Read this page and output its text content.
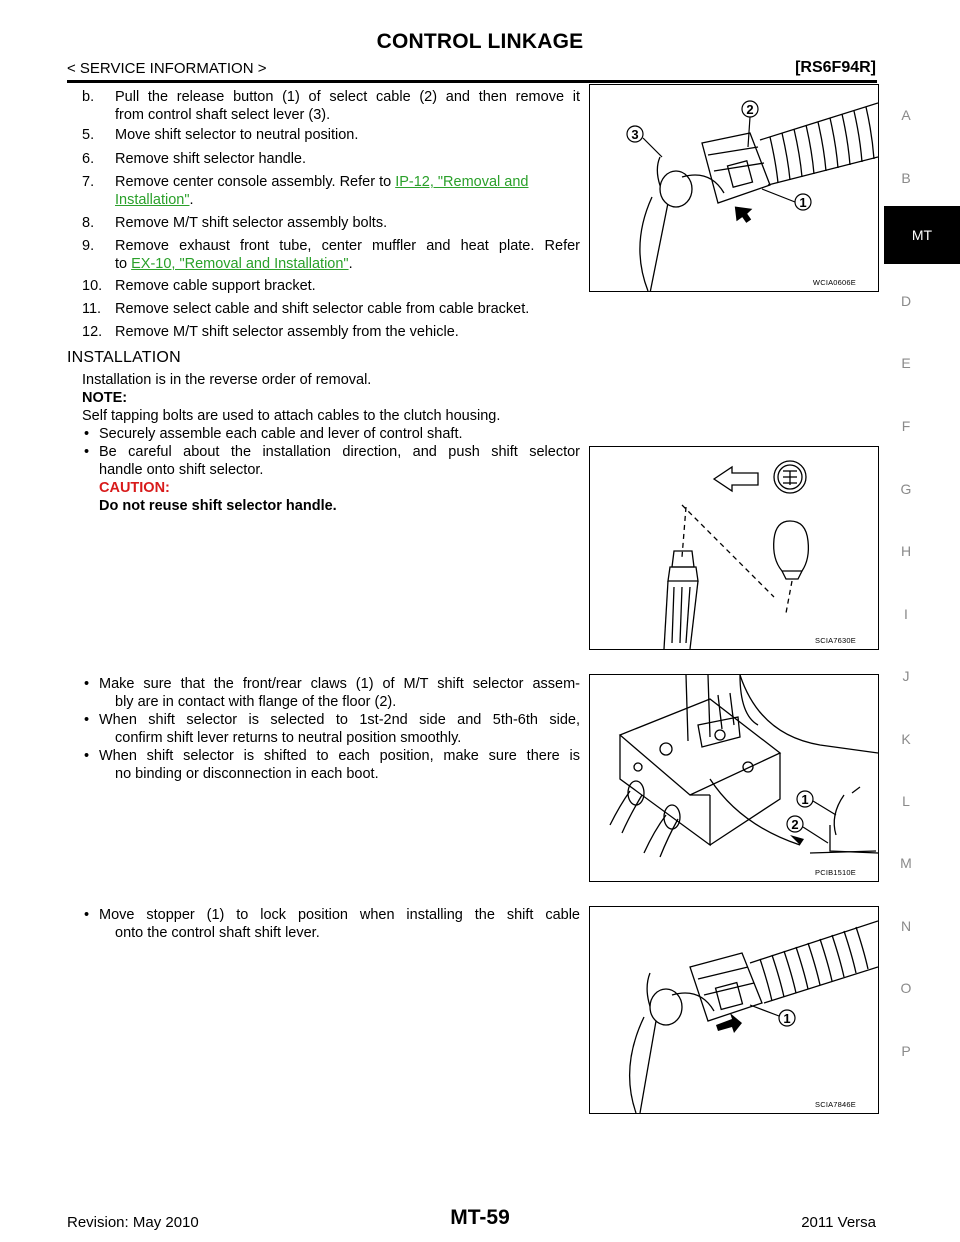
CONTROL LINKAGE
< SERVICE INFORMATION >	[RS6F94R]
A
B
MT
D
E
F
G
H
I
J
K
L
M
N
O
P
b. Pull the release button (1) of select cable (2) and then remove it
from control shaft select lever (3).
5. Move shift selector to neutral position.
6. Remove shift selector handle.
7. Remove center console assembly. Refer to IP-12, "Removal and
Installation".
8. Remove M/T shift selector assembly bolts.
9. Remove exhaust front tube, center muffler and heat plate. Refer
to EX-10, "Removal and Installation".
10. Remove cable support bracket.
11. Remove select cable and shift selector cable from cable bracket.
12. Remove M/T shift selector assembly from the vehicle.
INSTALLATION
Installation is in the reverse order of removal.
NOTE:
Self tapping bolts are used to attach cables to the clutch housing.
• Securely assemble each cable and lever of control shaft.
• Be careful about the installation direction, and push shift selector
handle onto shift selector.
CAUTION:
Do not reuse shift selector handle.
• Make sure that the front/rear claws (1) of M/T shift selector assem-
bly are in contact with flange of the floor (2).
• When shift selector is selected to 1st-2nd side and 5th-6th side,
confirm shift lever returns to neutral position smoothly.
• When shift selector is shifted to each position, make sure there is
no binding or disconnection in each boot.
• Move stopper (1) to lock position when installing the shift cable
onto the control shaft shift lever.
2
3
1
WCIA0606E
SCIA7630E
1
2
PCIB1510E
1
SCIA7846E
Revision: May 2010	MT-59	2011 Versa
